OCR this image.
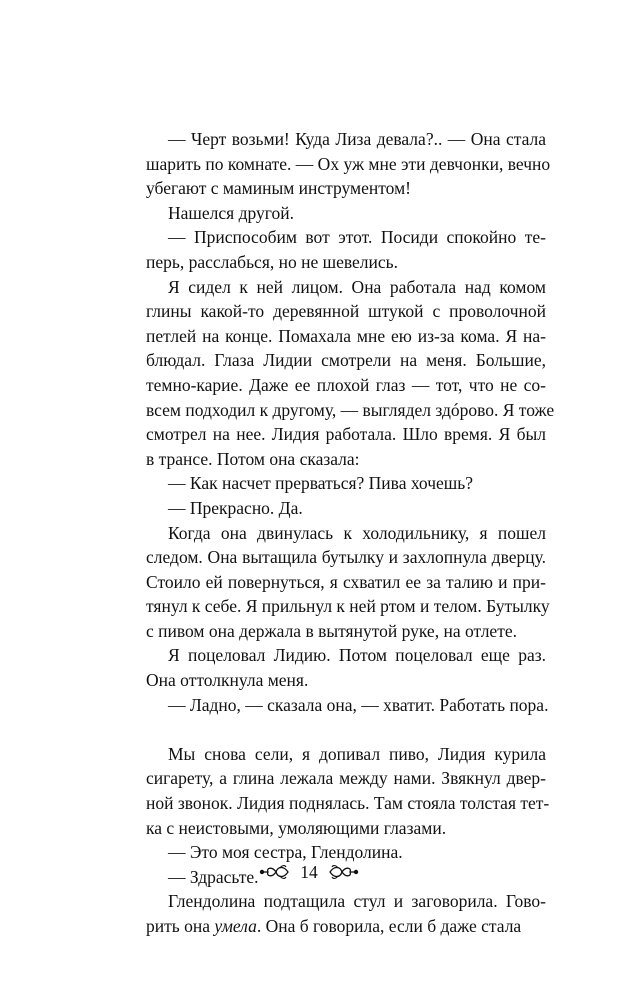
— Черт возьми! Куда Лиза девала?.. — Она стала
шарить по комнате. — Ох уж мне эти девчонки, вечно
убегают с маминым инструментом!
Нашелся другой.
— Приспособим вот этот. Посиди спокойно те-
перь, расслабься, но не шевелись.
Я сидел к ней лицом. Она работала над комом
глины какой-то деревянной штукой с проволочной
петлей на конце. Помахала мне ею из-за кома. Я на-
блюдал. Глаза Лидии смотрели на меня. Большие,
темно-карие. Даже ее плохой глаз — тот, что не со-
всем подходил к другому, — выглядел здóрово. Я тоже
смотрел на нее. Лидия работала. Шло время. Я был
в трансе. Потом она сказала:
— Как насчет прерваться? Пива хочешь?
— Прекрасно. Да.
Когда она двинулась к холодильнику, я пошел
следом. Она вытащила бутылку и захлопнула дверцу.
Стоило ей повернуться, я схватил ее за талию и при-
тянул к себе. Я прильнул к ней ртом и телом. Бутылку
с пивом она держала в вытянутой руке, на отлете.
Я поцеловал Лидию. Потом поцеловал еще раз.
Она оттолкнула меня.
— Ладно, — сказала она, — хватит. Работать пора.
Мы снова сели, я допивал пиво, Лидия курила
сигарету, а глина лежала между нами. Звякнул двер-
ной звонок. Лидия поднялась. Там стояла толстая тет-
ка с неистовыми, умоляющими глазами.
— Это моя сестра, Глендолина.
— Здрасьте.
Глендолина подтащила стул и заговорила. Гово-
рить она умела. Она б говорила, если б даже стала
14
